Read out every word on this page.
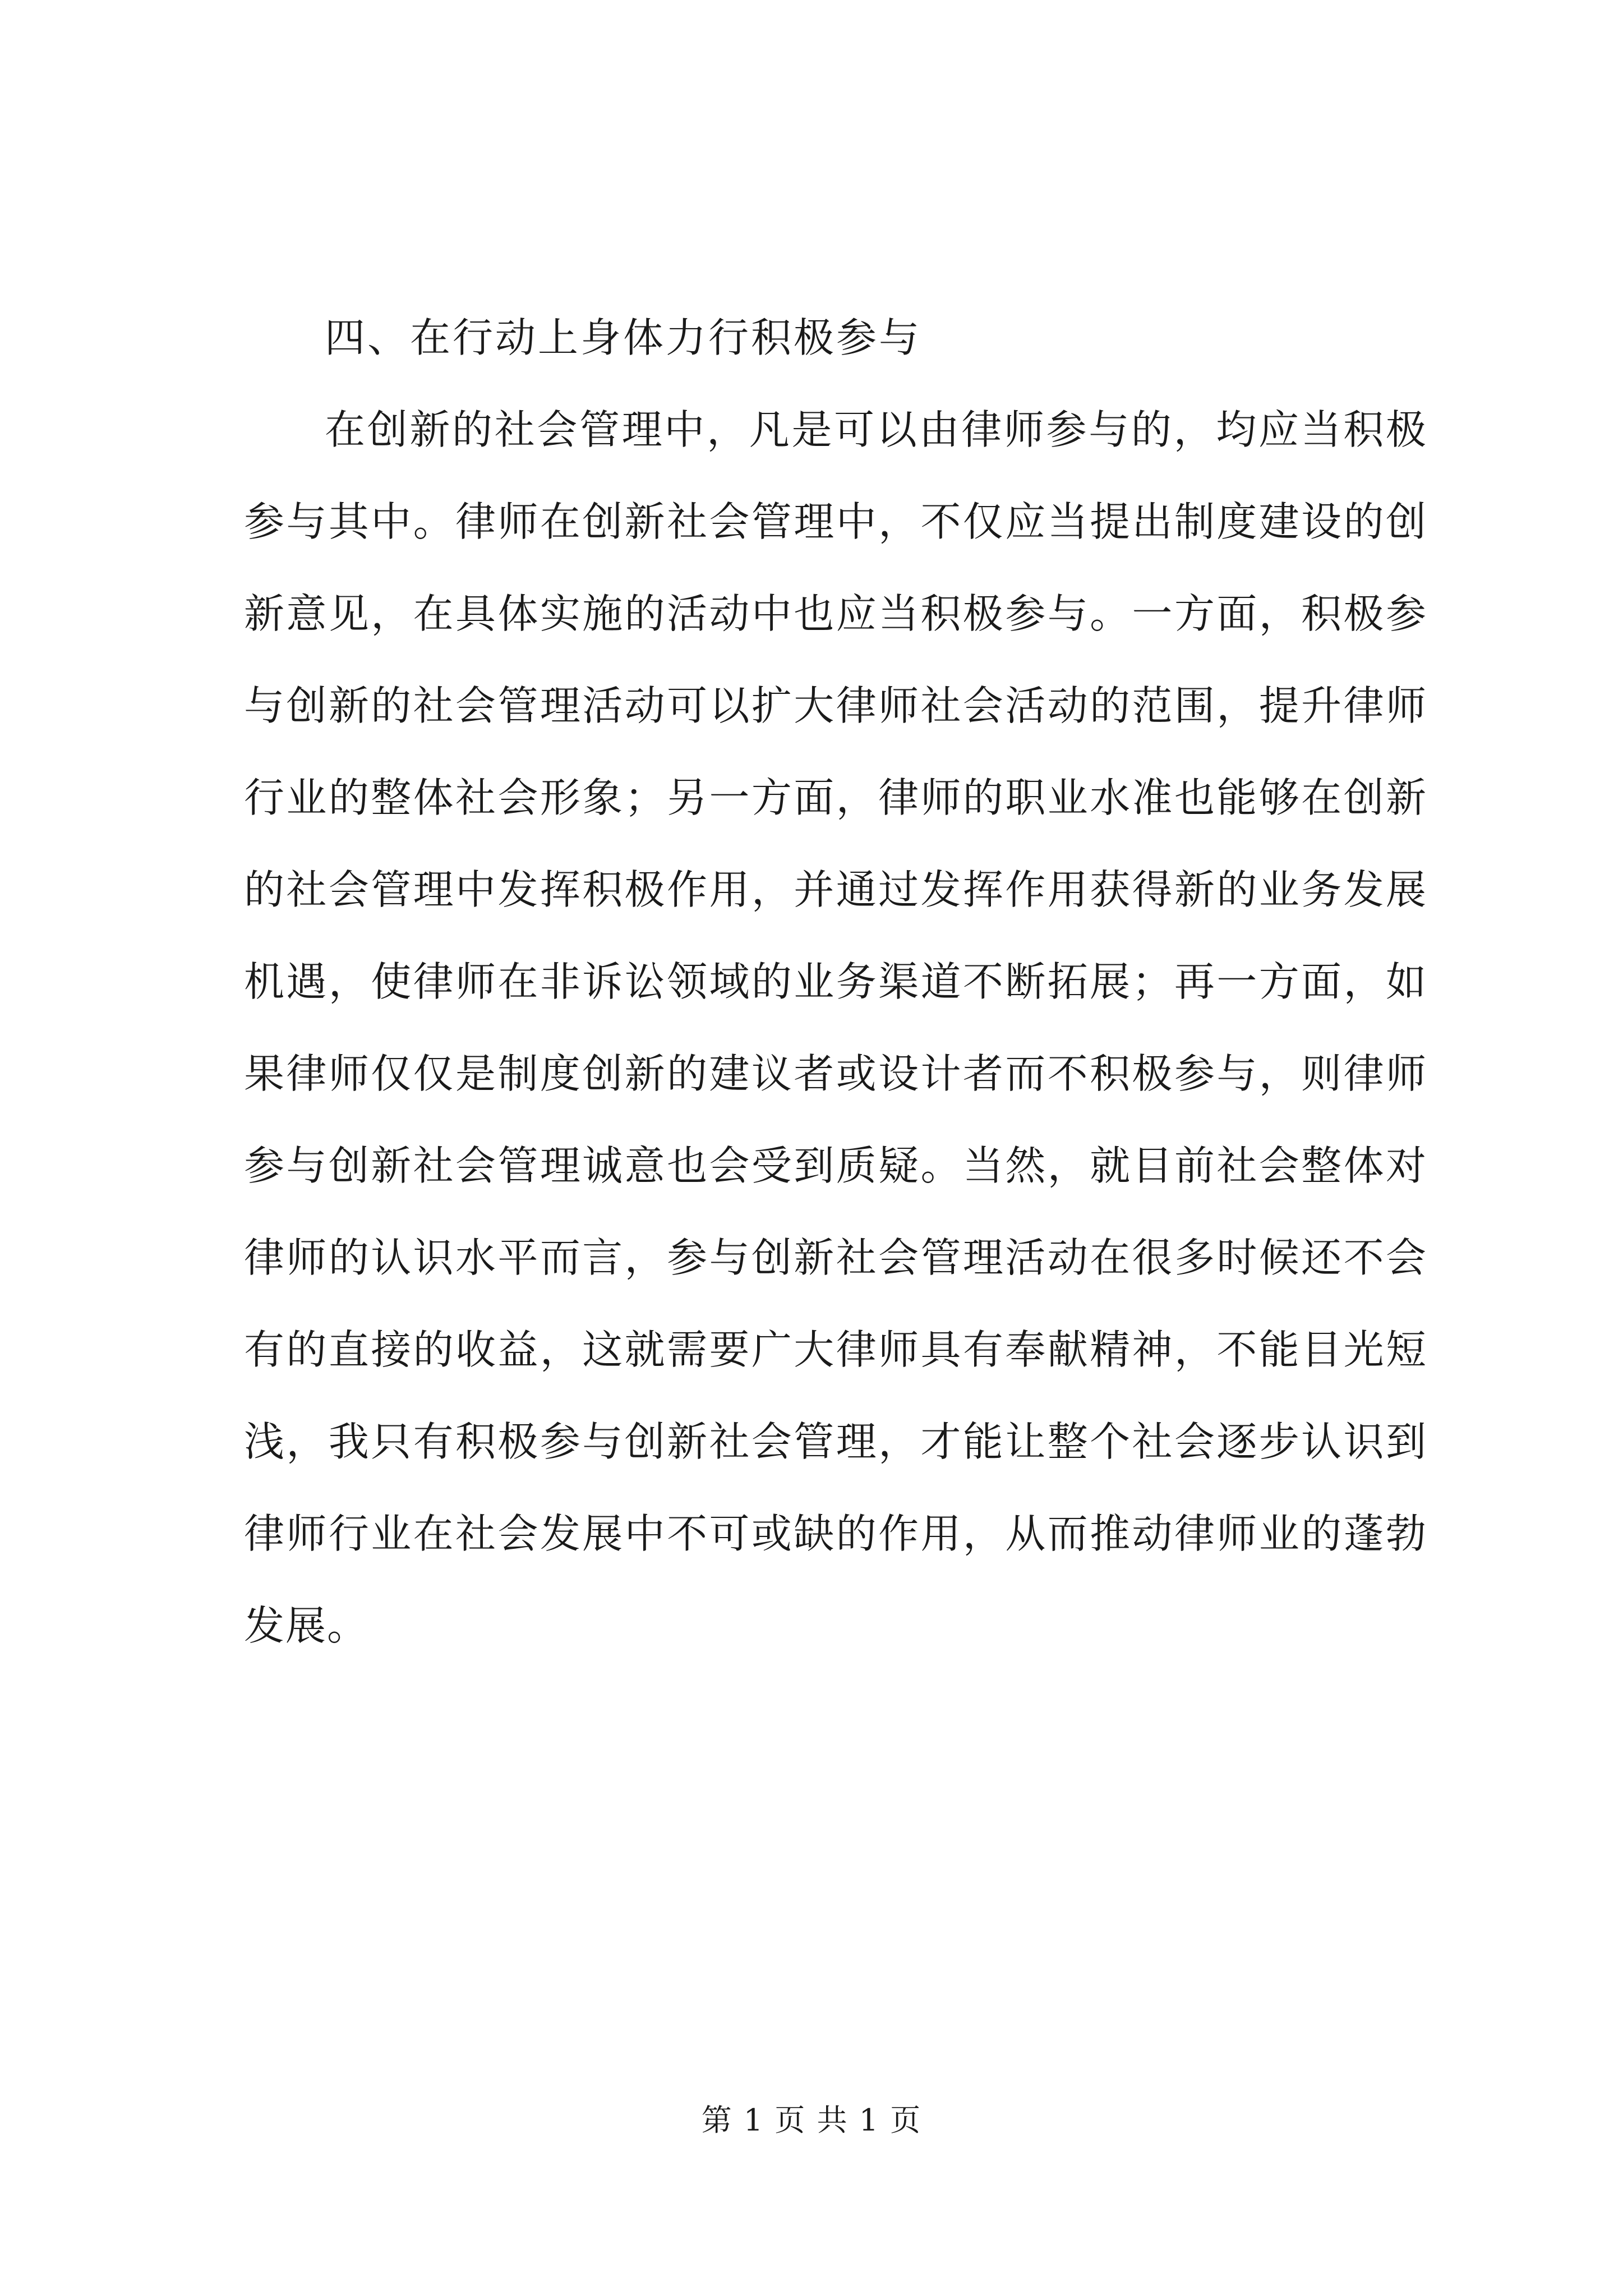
四、在行动上身体力行积极参与

在创新的社会管理中，凡是可以由律师参与的，均应当积极参与其中。律师在创新社会管理中，不仅应当提出制度建设的创新意见，在具体实施的活动中也应当积极参与。一方面，积极参与创新的社会管理活动可以扩大律师社会活动的范围，提升律师行业的整体社会形象；另一方面，律师的职业水准也能够在创新的社会管理中发挥积极作用，并通过发挥作用获得新的业务发展机遇，使律师在非诉讼领域的业务渠道不断拓展；再一方面，如果律师仅仅是制度创新的建议者或设计者而不积极参与，则律师参与创新社会管理诚意也会受到质疑。当然，就目前社会整体对律师的认识水平而言，参与创新社会管理活动在很多时候还不会有的直接的收益，这就需要广大律师具有奉献精神，不能目光短浅，我只有积极参与创新社会管理，才能让整个社会逐步认识到律师行业在社会发展中不可或缺的作用，从而推动律师业的蓬勃发展。

第 1 页 共 1 页
